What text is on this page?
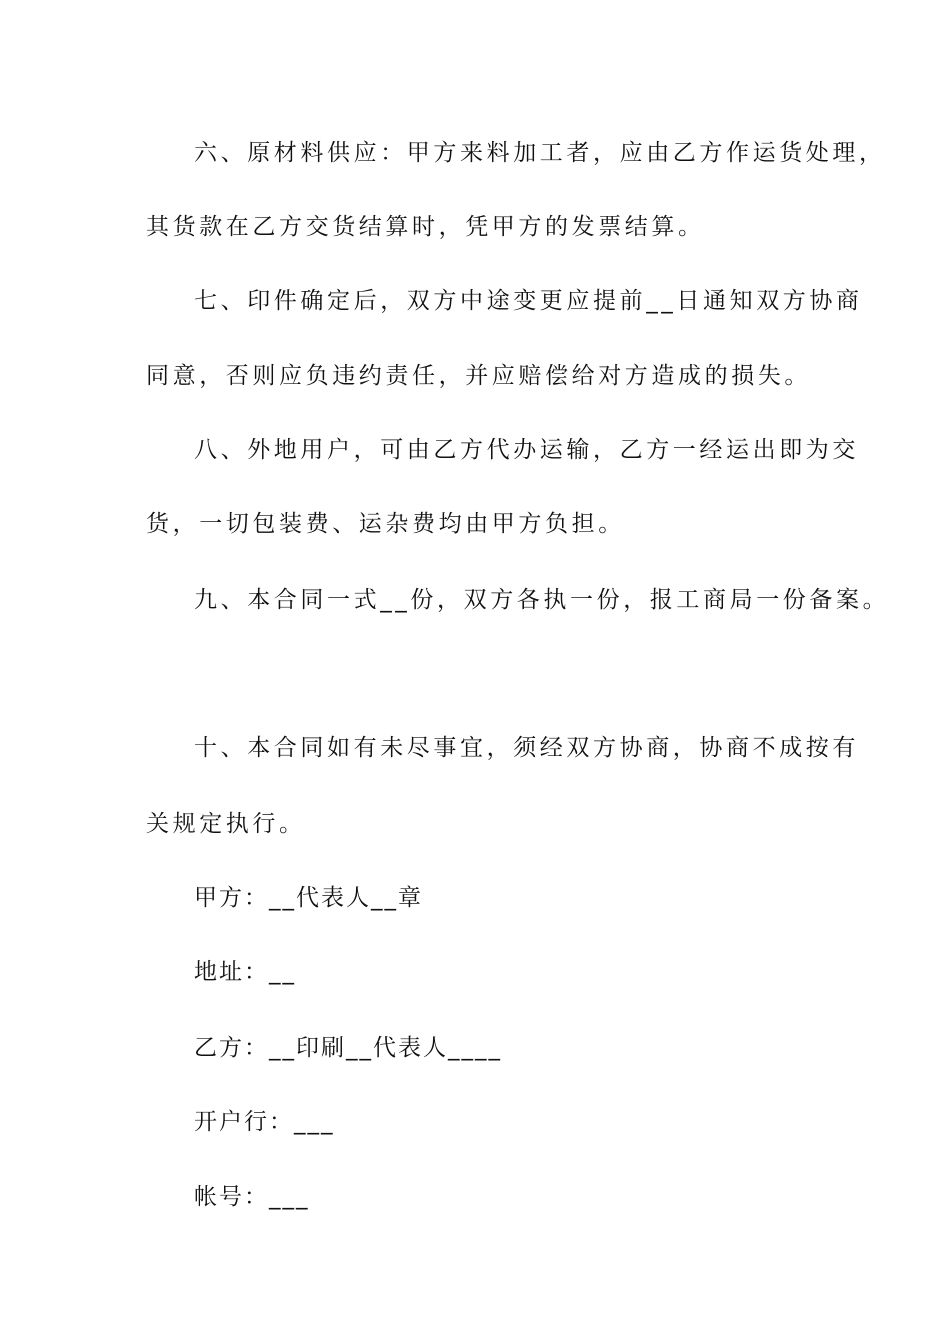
六、原材料供应：甲方来料加工者，应由乙方作运货处理，
其货款在乙方交货结算时，凭甲方的发票结算。
七、印件确定后，双方中途变更应提前__日通知双方协商
同意，否则应负违约责任，并应赔偿给对方造成的损失。
八、外地用户，可由乙方代办运输，乙方一经运出即为交
货，一切包装费、运杂费均由甲方负担。
九、本合同一式__份，双方各执一份，报工商局一份备案。
十、本合同如有未尽事宜，须经双方协商，协商不成按有
关规定执行。
甲方：__代表人__章
地址：__
乙方：__印刷__代表人____
开户行：___
帐号：___
